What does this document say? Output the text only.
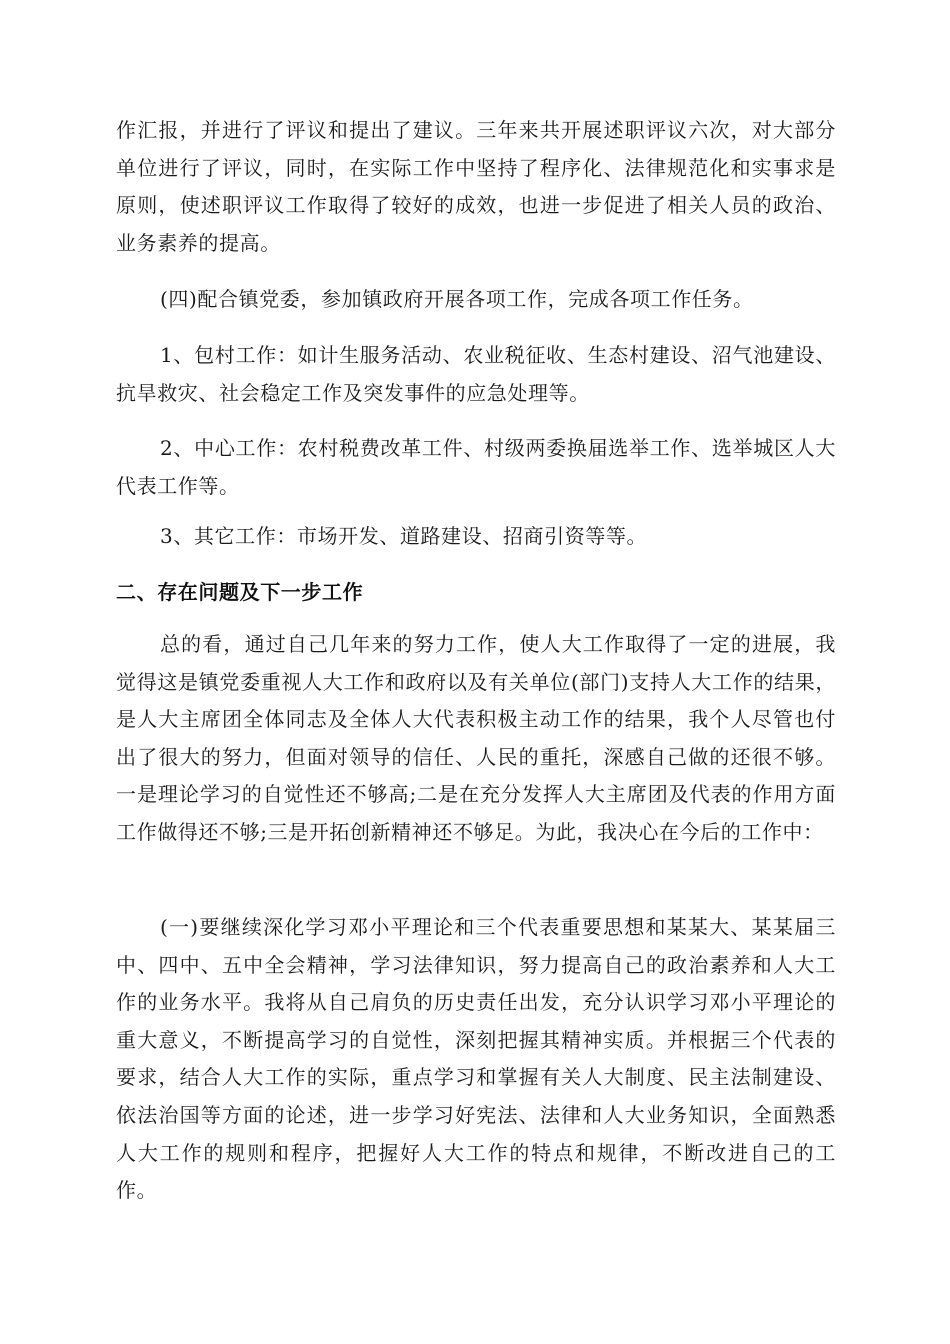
作汇报，并进行了评议和提出了建议。三年来共开展述职评议六次，对大部分单位进行了评议，同时，在实际工作中坚持了程序化、法律规范化和实事求是原则，使述职评议工作取得了较好的成效，也进一步促进了相关人员的政治、业务素养的提高。

(四)配合镇党委，参加镇政府开展各项工作，完成各项工作任务。

1、包村工作：如计生服务活动、农业税征收、生态村建设、沼气池建设、抗旱救灾、社会稳定工作及突发事件的应急处理等。

2、中心工作：农村税费改革工件、村级两委换届选举工作、选举城区人大代表工作等。

3、其它工作：市场开发、道路建设、招商引资等等。

二、存在问题及下一步工作

总的看，通过自己几年来的努力工作，使人大工作取得了一定的进展，我觉得这是镇党委重视人大工作和政府以及有关单位(部门)支持人大工作的结果，是人大主席团全体同志及全体人大代表积极主动工作的结果，我个人尽管也付出了很大的努力，但面对领导的信任、人民的重托，深感自己做的还很不够。一是理论学习的自觉性还不够高;二是在充分发挥人大主席团及代表的作用方面工作做得还不够;三是开拓创新精神还不够足。为此，我决心在今后的工作中：

(一)要继续深化学习邓小平理论和三个代表重要思想和某某大、某某届三中、四中、五中全会精神，学习法律知识，努力提高自己的政治素养和人大工作的业务水平。我将从自己肩负的历史责任出发，充分认识学习邓小平理论的重大意义，不断提高学习的自觉性，深刻把握其精神实质。并根据三个代表的要求，结合人大工作的实际，重点学习和掌握有关人大制度、民主法制建设、依法治国等方面的论述，进一步学习好宪法、法律和人大业务知识，全面熟悉人大工作的规则和程序，把握好人大工作的特点和规律，不断改进自己的工作。
